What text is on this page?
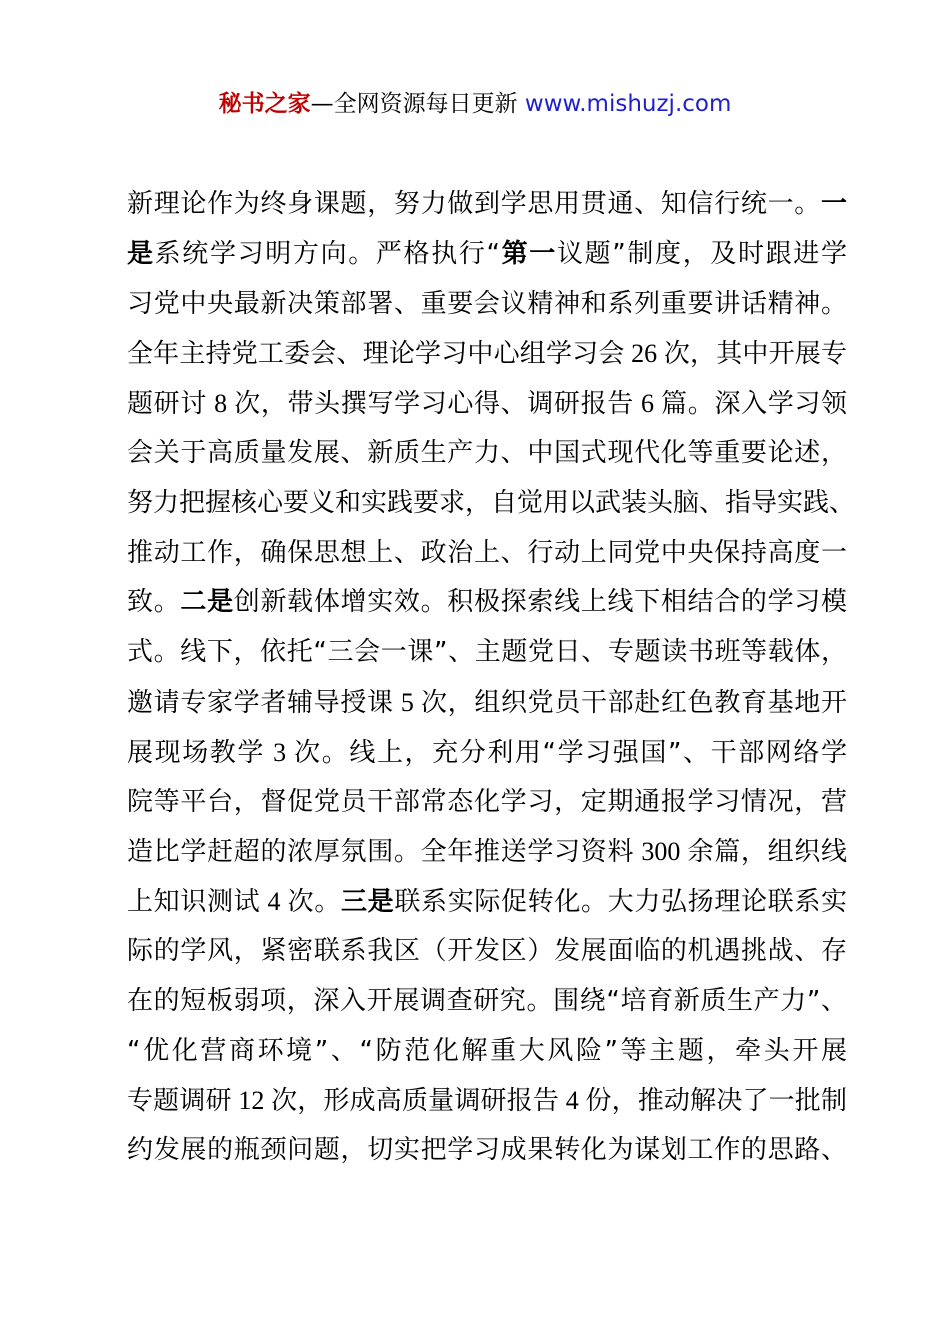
秘书之家—全网资源每日更新 www.mishuzj.com
新理论作为终身课题，努力做到学思用贯通、知信行统一。一
是系统学习明方向。严格执行“第一议题”制度，及时跟进学
习党中央最新决策部署、重要会议精神和系列重要讲话精神。
全年主持党工委会、理论学习中心组学习会 26 次，其中开展专
题研讨 8 次，带头撰写学习心得、调研报告 6 篇。深入学习领
会关于高质量发展、新质生产力、中国式现代化等重要论述，
努力把握核心要义和实践要求，自觉用以武装头脑、指导实践、
推动工作，确保思想上、政治上、行动上同党中央保持高度一
致。二是创新载体增实效。积极探索线上线下相结合的学习模
式。线下，依托“三会一课”、主题党日、专题读书班等载体，
邀请专家学者辅导授课 5 次，组织党员干部赴红色教育基地开
展现场教学 3 次。线上，充分利用“学习强国”、干部网络学
院等平台，督促党员干部常态化学习，定期通报学习情况，营
造比学赶超的浓厚氛围。全年推送学习资料 300 余篇，组织线
上知识测试 4 次。三是联系实际促转化。大力弘扬理论联系实
际的学风，紧密联系我区（开发区）发展面临的机遇挑战、存
在的短板弱项，深入开展调查研究。围绕“培育新质生产力”、
“优化营商环境”、“防范化解重大风险”等主题，牵头开展
专题调研 12 次，形成高质量调研报告 4 份，推动解决了一批制
约发展的瓶颈问题，切实把学习成果转化为谋划工作的思路、
